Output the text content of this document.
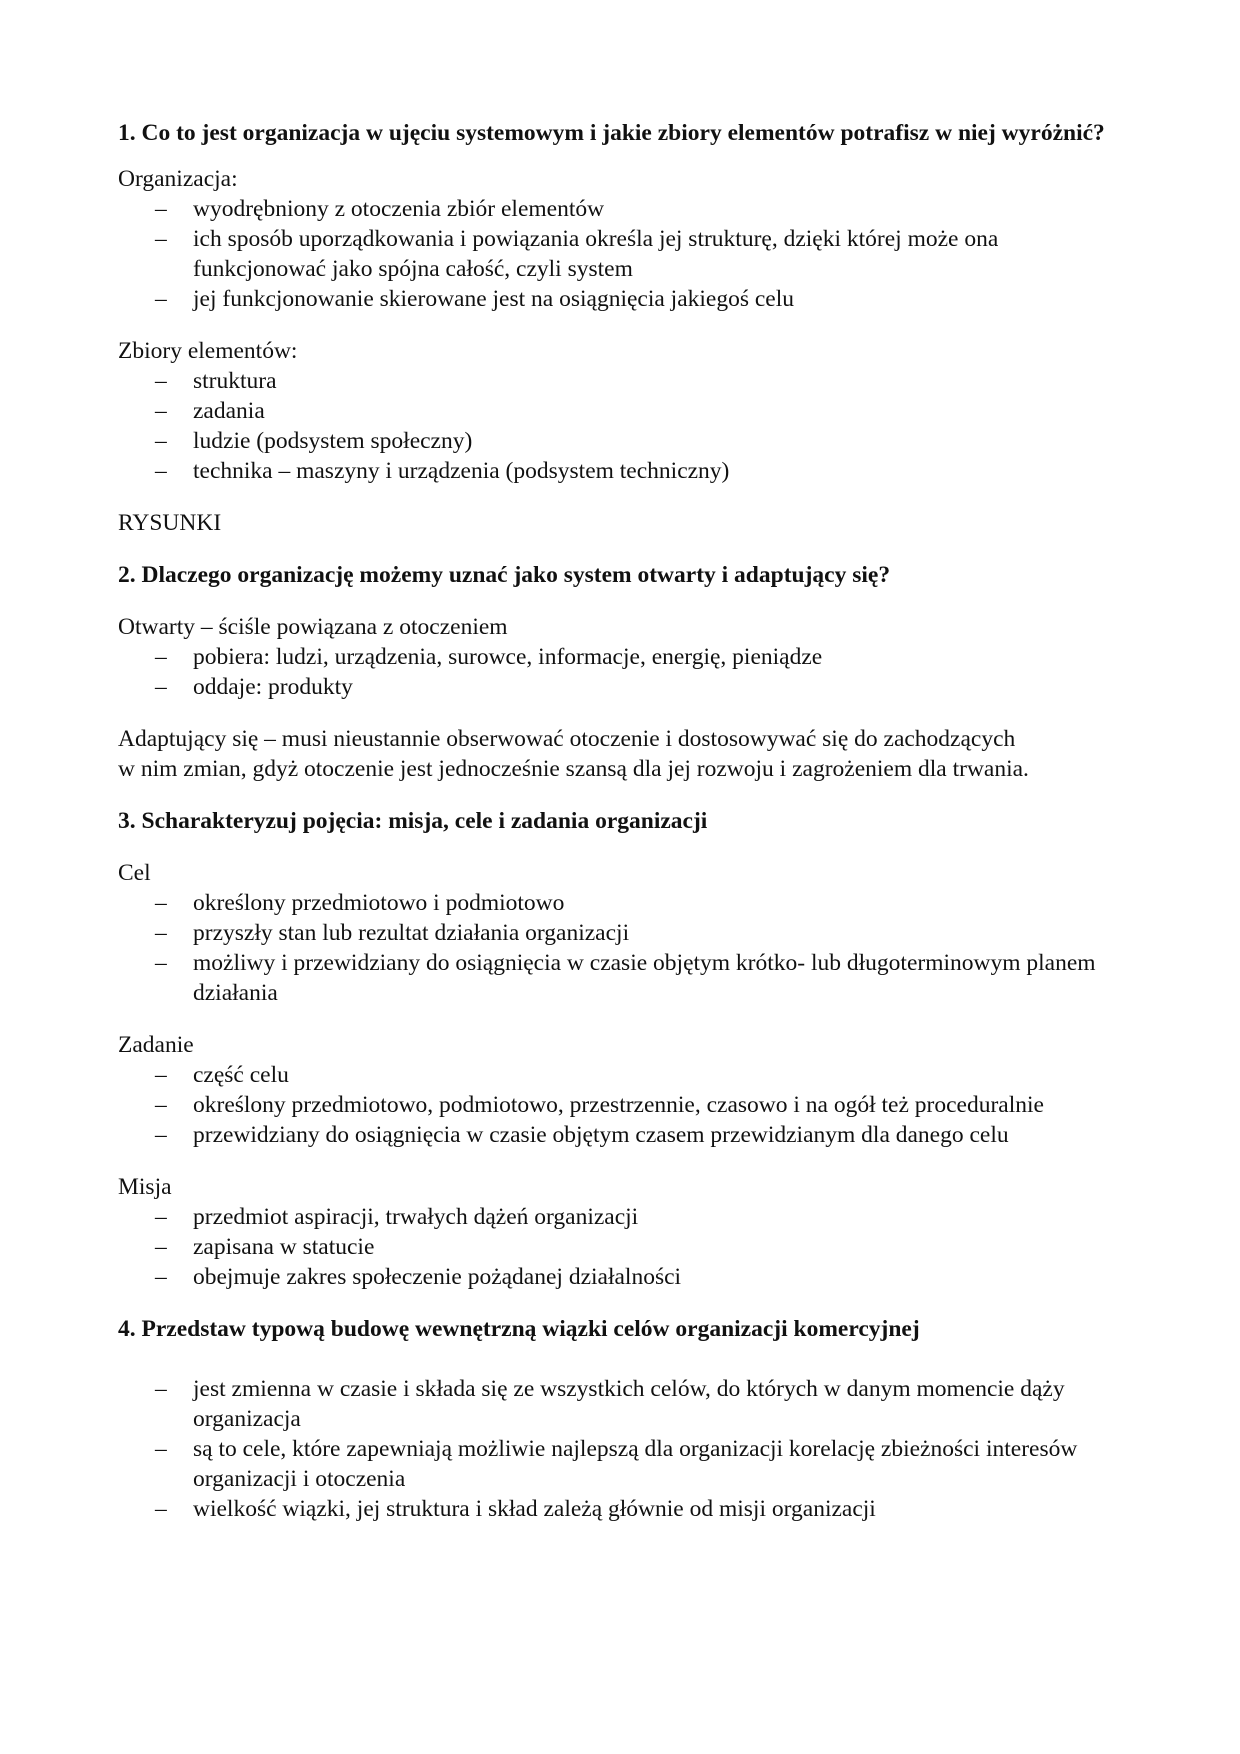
1. Co to jest organizacja w ujęciu systemowym i jakie zbiory elementów potrafisz w niej wyróżnić?

Organizacja:

– wyodrębniony z otoczenia zbiór elementów
– ich sposób uporządkowania i powiązania określa jej strukturę, dzięki której może ona funkcjonować jako spójna całość, czyli system
– jej funkcjonowanie skierowane jest na osiągnięcia jakiegoś celu

Zbiory elementów:

– struktura
– zadania
– ludzie (podsystem społeczny)
– technika – maszyny i urządzenia (podsystem techniczny)

RYSUNKI

2. Dlaczego organizację możemy uznać jako system otwarty i adaptujący się?

Otwarty – ściśle powiązana z otoczeniem

– pobiera: ludzi, urządzenia, surowce, informacje, energię, pieniądze
– oddaje: produkty

Adaptujący się – musi nieustannie obserwować otoczenie i dostosowywać się do zachodzących

w nim zmian, gdyż otoczenie jest jednocześnie szansą dla jej rozwoju i zagrożeniem dla trwania.

3. Scharakteryzuj pojęcia: misja, cele i zadania organizacji

Cel

– określony przedmiotowo i podmiotowo
– przyszły stan lub rezultat działania organizacji
– możliwy i przewidziany do osiągnięcia w czasie objętym krótko- lub długoterminowym planem działania

Zadanie

– część celu
– określony przedmiotowo, podmiotowo, przestrzennie, czasowo i na ogół też proceduralnie
– przewidziany do osiągnięcia w czasie objętym czasem przewidzianym dla danego celu

Misja

– przedmiot aspiracji, trwałych dążeń organizacji
– zapisana w statucie
– obejmuje zakres społeczenie pożądanej działalności

4. Przedstaw typową budowę wewnętrzną wiązki celów organizacji komercyjnej

– jest zmienna w czasie i składa się ze wszystkich celów, do których w danym momencie dąży organizacja
– są to cele, które zapewniają możliwie najlepszą dla organizacji korelację zbieżności interesów organizacji i otoczenia
– wielkość wiązki, jej struktura i skład zależą głównie od misji organizacji
